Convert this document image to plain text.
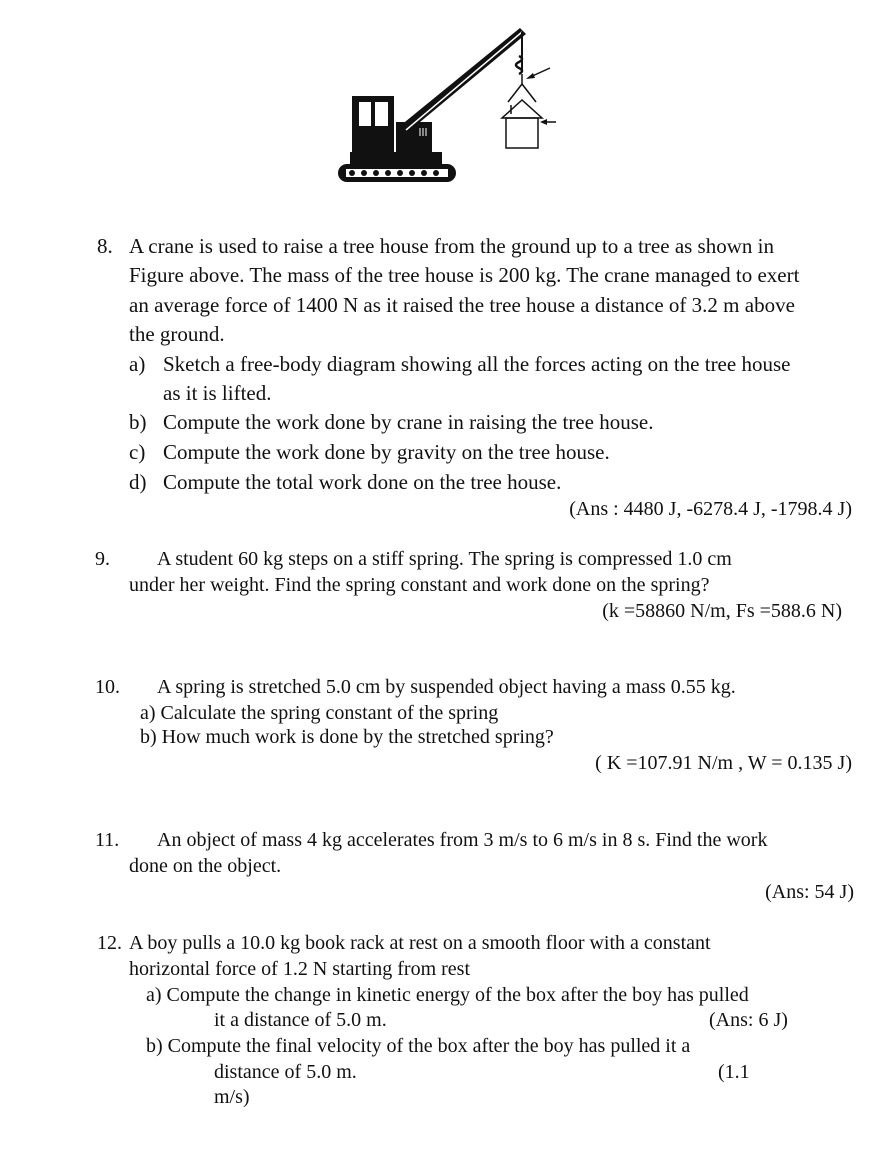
8. A crane is used to raise a tree house from the ground up to a tree as shown in
Figure above. The mass of the tree house is 200 kg. The crane managed to exert
an average force of 1400 N as it raised the tree house a distance of 3.2 m above
the ground.
a) Sketch a free-body diagram showing all the forces acting on the tree house
as it is lifted.
b) Compute the work done by crane in raising the tree house.
c) Compute the work done by gravity on the tree house.
d) Compute the total work done on the tree house.
(Ans : 4480 J, -6278.4 J, -1798.4 J)
9. A student 60 kg steps on a stiff spring. The spring is compressed 1.0 cm
under her weight. Find the spring constant and work done on the spring?
(k =58860 N/m, Fs =588.6 N)
10. A spring is stretched 5.0 cm by suspended object having a mass 0.55 kg.
a) Calculate the spring constant of the spring
b) How much work is done by the stretched spring?
( K =107.91 N/m , W = 0.135 J)
11. An object of mass 4 kg accelerates from 3 m/s to 6 m/s in 8 s. Find the work
done on the object.
(Ans: 54 J)
12. A boy pulls a 10.0 kg book rack at rest on a smooth floor with a constant
horizontal force of 1.2 N starting from rest
a) Compute the change in kinetic energy of the box after the boy has pulled
it a distance of 5.0 m.	(Ans: 6 J)
b) Compute the final velocity of the box after the boy has pulled it a
distance of 5.0 m.	(1.1
m/s)
